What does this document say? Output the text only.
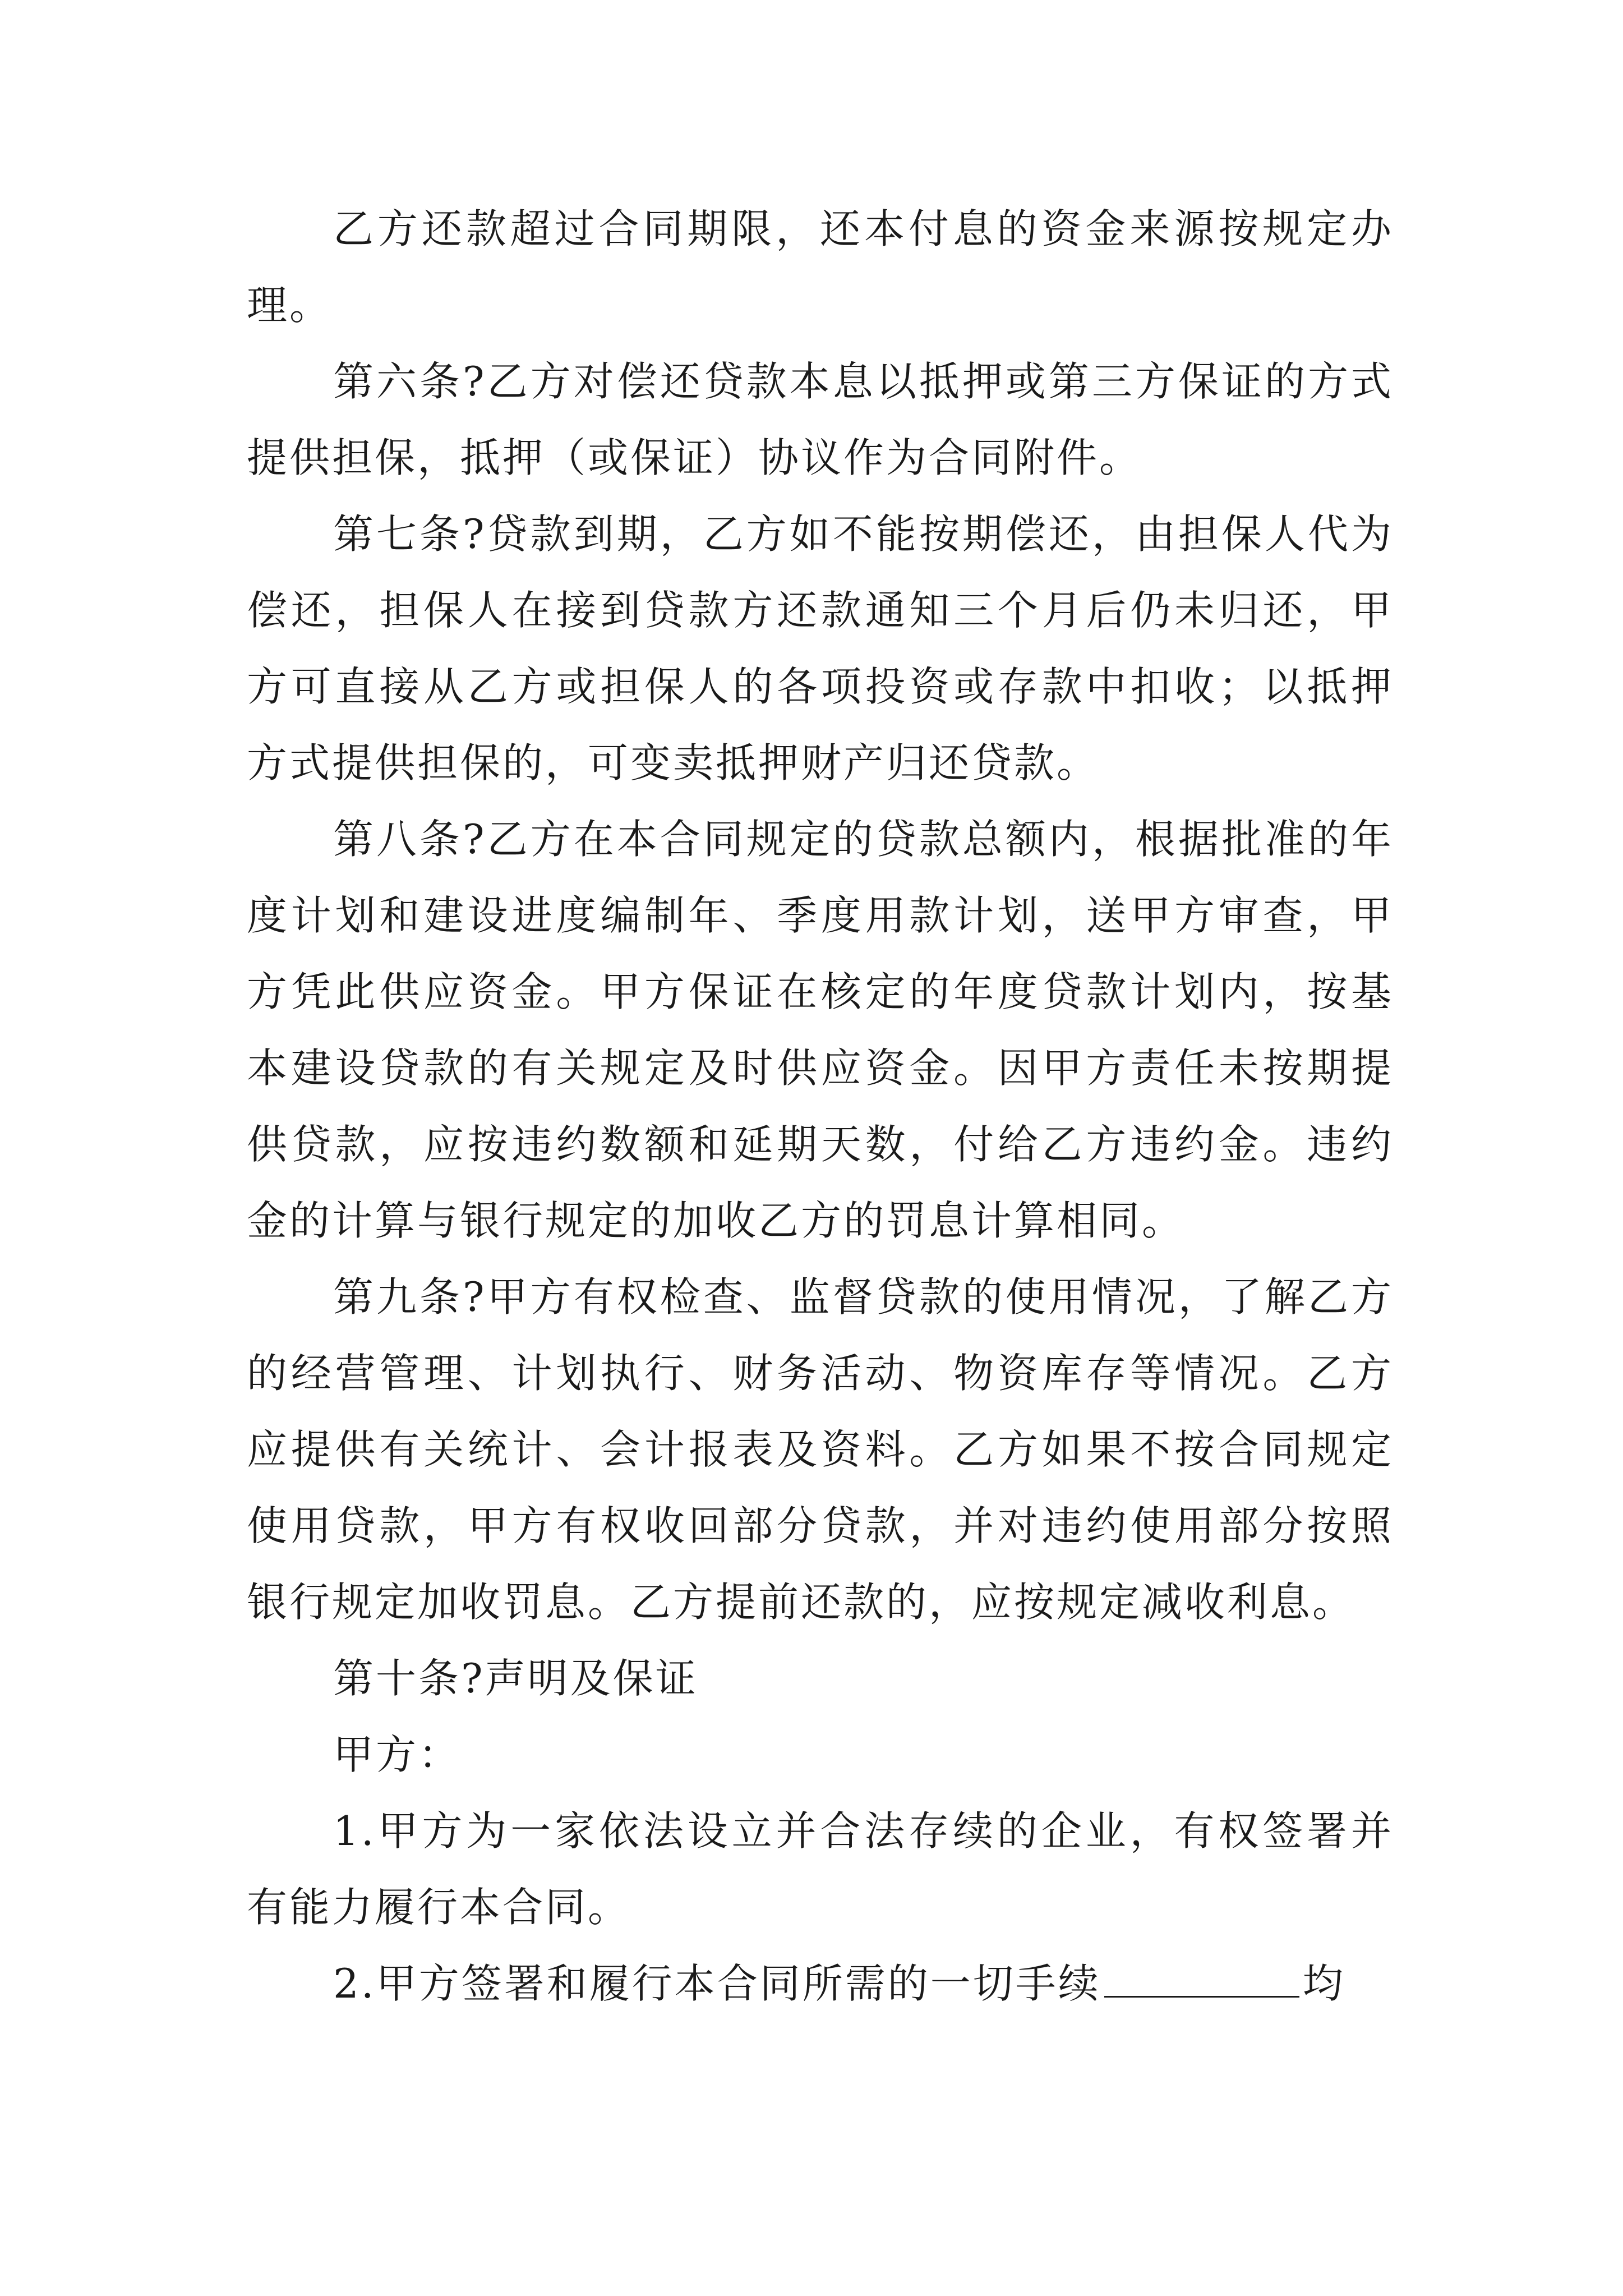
乙方还款超过合同期限，还本付息的资金来源按规定办理。

第六条?乙方对偿还贷款本息以抵押或第三方保证的方式提供担保，抵押（或保证）协议作为合同附件。

第七条?贷款到期，乙方如不能按期偿还，由担保人代为偿还，担保人在接到贷款方还款通知三个月后仍未归还，甲方可直接从乙方或担保人的各项投资或存款中扣收；以抵押方式提供担保的，可变卖抵押财产归还贷款。

第八条?乙方在本合同规定的贷款总额内，根据批准的年度计划和建设进度编制年、季度用款计划，送甲方审查，甲方凭此供应资金。甲方保证在核定的年度贷款计划内，按基本建设贷款的有关规定及时供应资金。因甲方责任未按期提供贷款，应按违约数额和延期天数，付给乙方违约金。违约金的计算与银行规定的加收乙方的罚息计算相同。

第九条?甲方有权检查、监督贷款的使用情况，了解乙方的经营管理、计划执行、财务活动、物资库存等情况。乙方应提供有关统计、会计报表及资料。乙方如果不按合同规定使用贷款，甲方有权收回部分贷款，并对违约使用部分按照银行规定加收罚息。乙方提前还款的，应按规定减收利息。

第十条?声明及保证

甲方：

1.甲方为一家依法设立并合法存续的企业，有权签署并有能力履行本合同。

2.甲方签署和履行本合同所需的一切手续	均
